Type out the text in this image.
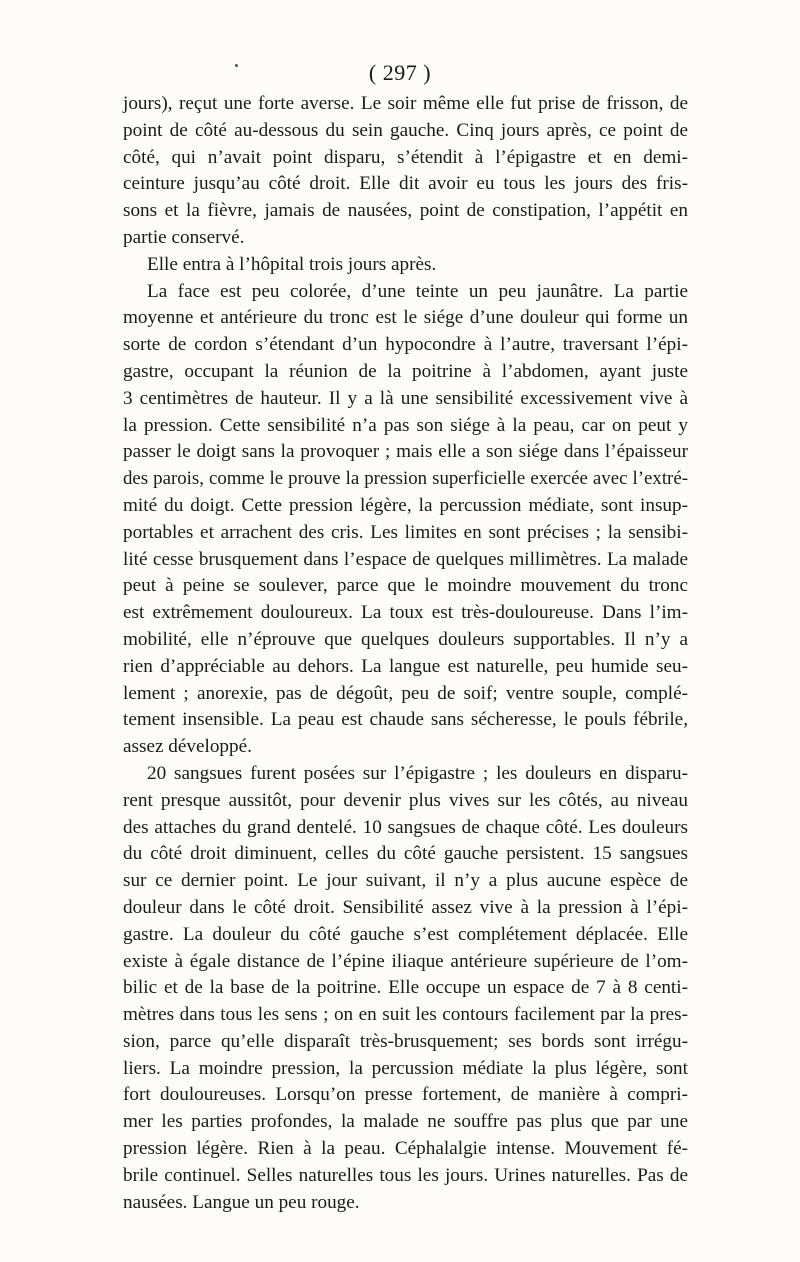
( 297 )
jours), reçut une forte averse. Le soir même elle fut prise de frisson, de
point de côté au-dessous du sein gauche. Cinq jours après, ce point de
côté, qui n’avait point disparu, s’étendit à l’épigastre et en demi-
ceinture jusqu’au côté droit. Elle dit avoir eu tous les jours des fris-
sons et la fièvre, jamais de nausées, point de constipation, l’appétit en
partie conservé.
Elle entra à l’hôpital trois jours après.
La face est peu colorée, d’une teinte un peu jaunâtre. La partie
moyenne et antérieure du tronc est le siége d’une douleur qui forme un
sorte de cordon s’étendant d’un hypocondre à l’autre, traversant l’épi-
gastre, occupant la réunion de la poitrine à l’abdomen, ayant juste
3 centimètres de hauteur. Il y a là une sensibilité excessivement vive à
la pression. Cette sensibilité n’a pas son siége à la peau, car on peut y
passer le doigt sans la provoquer ; mais elle a son siége dans l’épaisseur
des parois, comme le prouve la pression superficielle exercée avec l’extré-
mité du doigt. Cette pression légère, la percussion médiate, sont insup-
portables et arrachent des cris. Les limites en sont précises ; la sensibi-
lité cesse brusquement dans l’espace de quelques millimètres. La malade
peut à peine se soulever, parce que le moindre mouvement du tronc
est extrêmement douloureux. La toux est très-douloureuse. Dans l’im-
mobilité, elle n’éprouve que quelques douleurs supportables. Il n’y a
rien d’appréciable au dehors. La langue est naturelle, peu humide seu-
lement ; anorexie, pas de dégoût, peu de soif; ventre souple, complé-
tement insensible. La peau est chaude sans sécheresse, le pouls fébrile,
assez développé.
20 sangsues furent posées sur l’épigastre ; les douleurs en disparu-
rent presque aussitôt, pour devenir plus vives sur les côtés, au niveau
des attaches du grand dentelé. 10 sangsues de chaque côté. Les douleurs
du côté droit diminuent, celles du côté gauche persistent. 15 sangsues
sur ce dernier point. Le jour suivant, il n’y a plus aucune espèce de
douleur dans le côté droit. Sensibilité assez vive à la pression à l’épi-
gastre. La douleur du côté gauche s’est complétement déplacée. Elle
existe à égale distance de l’épine iliaque antérieure supérieure de l’om-
bilic et de la base de la poitrine. Elle occupe un espace de 7 à 8 centi-
mètres dans tous les sens ; on en suit les contours facilement par la pres-
sion, parce qu’elle disparaît très-brusquement; ses bords sont irrégu-
liers. La moindre pression, la percussion médiate la plus légère, sont
fort douloureuses. Lorsqu’on presse fortement, de manière à compri-
mer les parties profondes, la malade ne souffre pas plus que par une
pression légère. Rien à la peau. Céphalalgie intense. Mouvement fé-
brile continuel. Selles naturelles tous les jours. Urines naturelles. Pas de
nausées. Langue un peu rouge.
